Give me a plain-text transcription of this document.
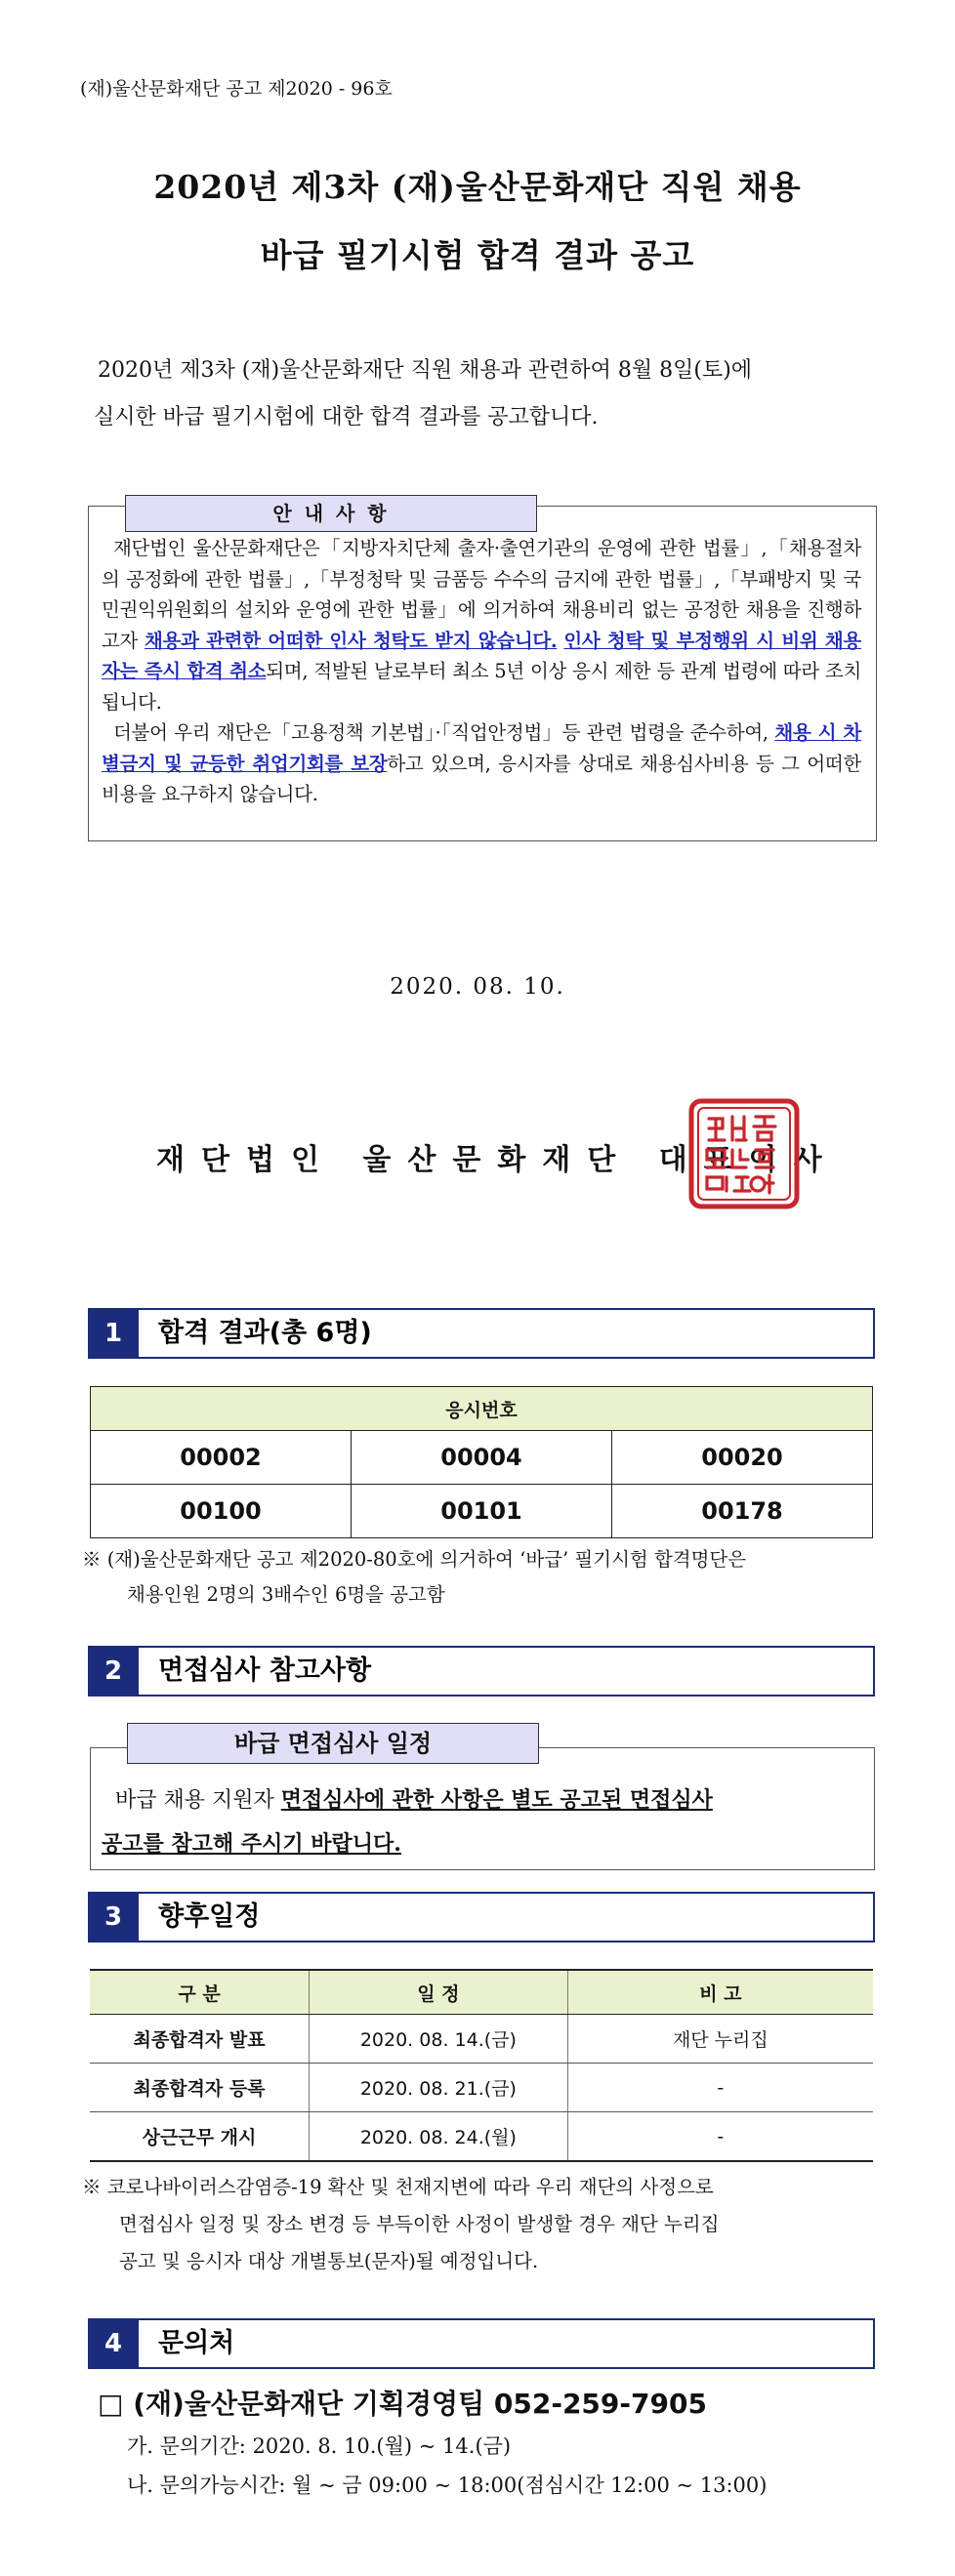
(재)울산문화재단 공고 제2020 - 96호
2020년 제3차 (재)울산문화재단 직원 채용
바급 필기시험 합격 결과 공고
2020년 제3차 (재)울산문화재단 직원 채용과 관련하여 8월 8일(토)에
실시한 바급 필기시험에 대한 합격 결과를 공고합니다.
안 내 사 항
재단법인 울산문화재단은「지방자치단체 출자·출연기관의 운영에 관한 법률」,「채용절차의 공정화에 관한 법률」,「부정청탁 및 금품등 수수의 금지에 관한 법률」,「부패방지 및 국민권익위원회의 설치와 운영에 관한 법률」에 의거하여 채용비리 없는 공정한 채용을 진행하고자 채용과 관련한 어떠한 인사 청탁도 받지 않습니다. 인사 청탁 및 부정행위 시 비위 채용자는 즉시 합격 취소되며, 적발된 날로부터 최소 5년 이상 응시 제한 등 관계 법령에 따라 조치됩니다.
더불어 우리 재단은「고용정책 기본법」·「직업안정법」등 관련 법령을 준수하여, 채용 시 차별금지 및 균등한 취업기회를 보장하고 있으며, 응시자를 상대로 채용심사비용 등 그 어떠한 비용을 요구하지 않습니다.
2020. 08. 10.
재단법인 울산문화재단 대표이사
1	합격 결과(총 6명)
응시번호		
00002	00004	00020
00100	00101	00178
※ (재)울산문화재단 공고 제2020-80호에 의거하여 ‘바급’ 필기시험 합격명단은
채용인원 2명의 3배수인 6명을 공고함
2	면접심사 참고사항
바급 면접심사 일정
바급 채용 지원자 면접심사에 관한 사항은 별도 공고된 면접심사
공고를 참고해 주시기 바랍니다.
3	향후일정
구 분	일 정	비 고
최종합격자 발표	2020. 08. 14.(금)	재단 누리집
최종합격자 등록	2020. 08. 21.(금)	-
상근근무 개시	2020. 08. 24.(월)	-
※ 코로나바이러스감염증-19 확산 및 천재지변에 따라 우리 재단의 사정으로
면접심사 일정 및 장소 변경 등 부득이한 사정이 발생할 경우 재단 누리집
공고 및 응시자 대상 개별통보(문자)될 예정입니다.
4	문의처
□ (재)울산문화재단 기획경영팀 052-259-7905
가. 문의기간: 2020. 8. 10.(월) ~ 14.(금)
나. 문의가능시간: 월 ~ 금 09:00 ~ 18:00(점심시간 12:00 ~ 13:00)
